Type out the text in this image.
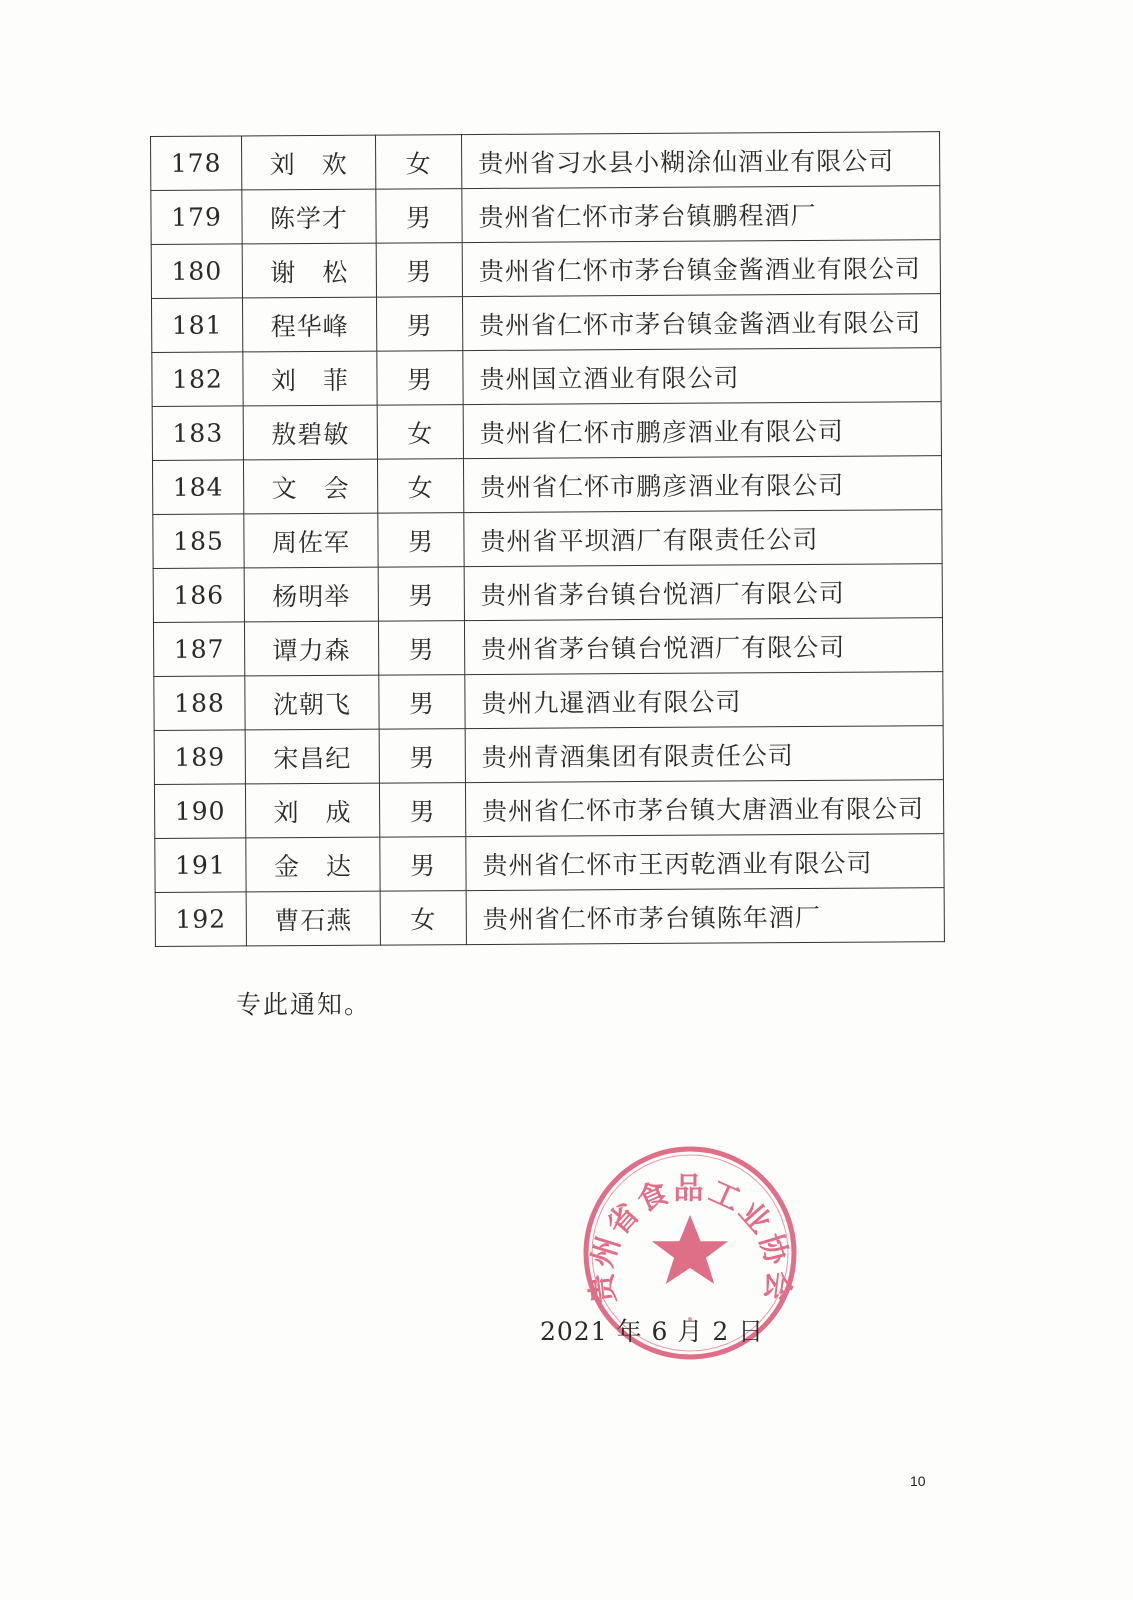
178	刘　欢	女	贵州省习水县小糊涂仙酒业有限公司
179	陈学才	男	贵州省仁怀市茅台镇鹏程酒厂
180	谢　松	男	贵州省仁怀市茅台镇金酱酒业有限公司
181	程华峰	男	贵州省仁怀市茅台镇金酱酒业有限公司
182	刘　菲	男	贵州国立酒业有限公司
183	敖碧敏	女	贵州省仁怀市鹏彦酒业有限公司
184	文　会	女	贵州省仁怀市鹏彦酒业有限公司
185	周佐军	男	贵州省平坝酒厂有限责任公司
186	杨明举	男	贵州省茅台镇台悦酒厂有限公司
187	谭力森	男	贵州省茅台镇台悦酒厂有限公司
188	沈朝飞	男	贵州九暹酒业有限公司
189	宋昌纪	男	贵州青酒集团有限责任公司
190	刘　成	男	贵州省仁怀市茅台镇大唐酒业有限公司
191	金　达	男	贵州省仁怀市王丙乾酒业有限公司
192	曹石燕	女	贵州省仁怀市茅台镇陈年酒厂
专此通知。
贵州省食品工业协会
2021 年 6 月 2 日
10
